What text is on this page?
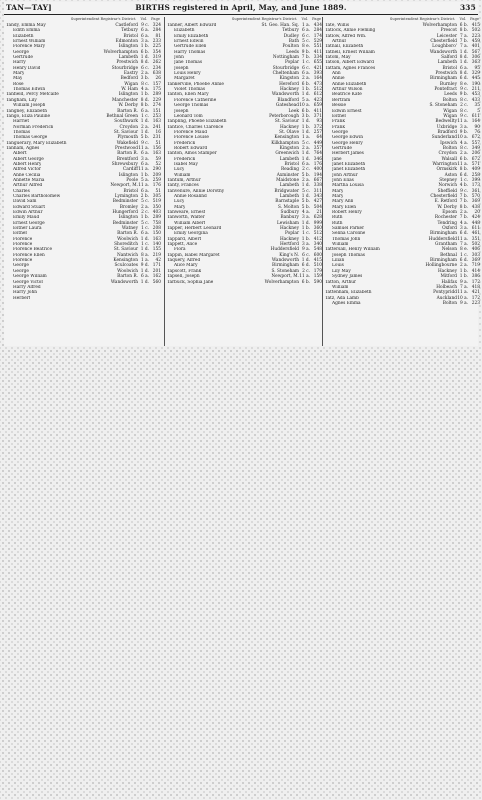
TAN—TAY]	BIRTHS registered in April, May, and June 1889.	335
Superintendent Registrar's District. Vol. Page
Tandy, Emma May	Castleford 9 c. 324
Edith Emma	Tetbury 6 a. 284
Elizabeth	Bristol 6 a. 81
Ernest William	Edmonton 3 a. 233
Florence Mary	Islington 1 b. 225
George	Wolverhampton 6 b. 354
Gertrude	Lambeth 1 d. 319
Harry	Prestwich 8 d. 262
Henry David	Stourbridge 6 c. 234
Mary	Eastry 2 a. 638
May	Bedford 3 b. 26
Rose	Wigan 8 c. 157
Thomas Edwin	W. Ham 4 a. 175
Tanfield, Percy Metcalfe	Islington 1 b. 289
Tangham, Lily	Manchester 8 d. 229
William Joseph	W. Derby 8 b. 274
Tangney, Elizabeth	Barton R. 6 a. 151
Tango, Eliza Pauline	Bethnal Green 1 c. 253
Harriet	Southwark 1 d. 163
Norman Frederick	Croydon 2 a. 241
Thomas	St. Saviour 1 d. 16
Thomas George	Plymouth 5 b. 231
Tanguerary, Mary Elizabeth	Wakefield 9 c. 51
Tanham, Agnes	Prestwood 11 a. 156
Albert	Barton R. 6 a. 163
Albert George	Brentford 3 a. 59
Albert Henry	Shrewsbury 6 a. 52
Alfred Victor	Cardiff 11 a. 290
Anne Cecilia	Islington 1 b. 209
Annette Maria	Poole 5 a. 259
Arthur Alfred	Newport, M. 11 a. 176
Charles	Bristol 6 a. 51
Charles Bartholomew	Lymington 2 b. 305
David Sam	Bedminster 5 c. 519
Edward Stuart	Bromley 2 a. 350
Edwin Arthur	Hungerford 2 c. 403
Emily Maud	Islington 1 b. 289
Ernest George	Bedminster 5 c. 758
Esther Laura	Watney 1 c. 208
Esther	Barton R. 6 a. 150
Florence	Woolwich 1 d. 163
Florence	Shoreditch 1 c. 140
Florence Beatrice	St. Saviour 1 d. 155
Florence Ellen	Nantwich 8 a. 219
Florence	Kensington 1 a. 42
George	Sculcoates 9 d. 171
George	Woolwich 1 d. 201
George William	Barton R. 6 a. 162
George Victor	Wandsworth 1 d. 560
Harry Alfred
Harry John
Herbert
Superintendent Registrar's District. Vol. Page
Tanner, Albert Edward	St. Geo. Han. Sq. 1 a. 434
Elizabeth	Tetbury 6 a. 284
Emily Elizabeth	Dudley 6 c. 174
Ernest Edwin	Bath 5 c. 529
Gertrude Ellen	Poulton 8 e. 551
Harry Thomas	Leeds 9 b. 411
John	Nottingham 7 b. 334
Jane Thomas	Poplar 1 c. 655
Joseph	Stourbridge 6 c. 421
Louis Henry	Cheltenham 6 a. 393
Margaret	Kingston 2 a. 164
Tankerville, Phoebe Annie	Hereford 6 b. 473
Violet Thomas	Hackney 1 b. 512
Tanton, Ellen Mary	Wandsworth 1 d. 612
Florence Catherine	Blandford 5 a. 423
George Thomas	Gateshead 10 a. 659
Joseph	Leek 6 b. 411
Leonard Tom	Peterborough 3 b. 371
Tanpling, Phoebe Elizabeth	St. Saviour 1 d. 93
Tantice, Charles Clarence	Hackney 1 b. 372
Florence Maud	St. Olave 1 d. 257
Florence Louise	Kensington 1 a. 64
Frederick	Kilkhampton 5 c. 449
Robert Edward	Kingston 2 a. 357
Tanton, Amos Stamper	Greenwich 1 d. 764
Frederick	Lambeth 1 d. 346
Isabel May	Bristol 6 a. 176
Lucy	Reading 2 c. 400
William	Axminster 5 b. 194
Tantum, Arthur	Maidstone 2 a. 667
Tanty, Frances	Lambeth 1 d. 338
Tanvenure, Annie Dorothy	Bridgwater 5 c. 311
Annie Rosalind	Lambeth 1 d. 343
Lucy	Barnstaple 5 b. 427
Mary	S. Molton 5 b. 504
Tanweare, Ernest	Sudbury 4 a. 21
Tanworth, Walter	Banbury 3 a. 628
William Albert	Lewisham 1 d. 999
Tapper, Herbert Leonard	Hackney 1 b. 360
Emily Georgina	Poplar 1 c. 512
Tappard, Albert	Hackney 1 b. 412
Tappett, Alice	Hertford 3 a. 340
Flora	Huddersfield 9 a. 548
Tappin, Isabel Margaret	King's N. 6 c. 600
Taquery, Alfred	Wandsworth 1 d. 415
Alice Mary	Birmingham 6 d. 510
Tapscott, Frank	S. Stoneham 2 c. 179
Tapsell, Joseph	Newport, M. 11 a. 159
Tarbuck, Sophia Jane	Wolverhampton 6 b. 590
Superintendent Registrar's District. Vol. Page
Tate, Willis	Wolverhampton 6 b. 415
Tatlock, Annie Fleming	Prescot 8 b. 502
Tatlow, Alfred Wm.	Leicester 7 a. 223
Arthur	Chesterfield 7 b. 459
Tatnall, Elizabeth	Loughboro' 7 a. 401
Tatnell, Ernest William	Wandsworth 1 d. 567
Tatom, May	Salford 8 d. 306
Tatson, Albert Edward	Lambeth 1 d. 363
Tattam, Agnes Frances	Bristol 6 a. 95
Ann	Prestwich 8 d. 329
Annie	Birmingham 6 d. 445
Annie Elizabeth	Burnley 8 e. 190
Arthur Wilson	Pontefract 9 c. 211
Beatrice Kate	Leeds 9 b. 453
Bertram	Bolton 8 c. 433
Bessie	S. Stoneham 2 c. 35
Edwin Ernest	Wigan 8 c. 5
Esther	Wigan 9 c. 611
Frank	Bedwellty 11 a. 164
Frank	Uxbridge 3 a. 90
George	Bradford 9 b. 76
George Edwin	Sunderland 10 a. 672
George Henry	Ipswich 4 a. 557
Gertrude	Bolton 8 c. 349
Herbert James	Croydon 2 a. 206
Jane	Walsall 6 b. 672
Janet Elizabeth	Warrington 11 a. 571
Janet Elizabeth	Ormskirk 8 b. 409
John Arthur	Aston 6 d. 258
John Elias	Stepney 1 c. 399
Martha Louisa	Norwich 4 b. 173
Mary	Sheffield 9 c. 361
Mary	Chesterfield 7 b. 570
Mary Ann	E. Retford 7 b. 369
Mary Ellen	W. Derby 8 b. 438
Robert Henry	Epsom 2 a. 20
Ruth	Rochester 7 b. 424
Ruth	Tendring 4 a. 448
Samuel Parker	Oxford 3 a. 611
Selina Caroline	Birmingham 6 d. 461
Thomas John	Huddersfield 11 a. 351
William	Grantham 7 a. 502
Tattersall, Henry William	Nelson 8 e. 406
Joseph Thomas	Bethnal 1 c. 303
Lilian	Birmingham 6 d. 369
Louis	Hollingbourne 2 a. 719
Lily May	Hackney 1 b. 414
Sydney James	Mitford 1 b. 386
Tatton, Arthur	Halifax 9 a. 172
William	Holbeach 7 a. 418
Tattenham, Elizabeth	Pontypridd 11 a. 421
Tatz, Ada Lamb	Auckland 10 a. 172
Agnes Emma	Bolton 9 a. 223
